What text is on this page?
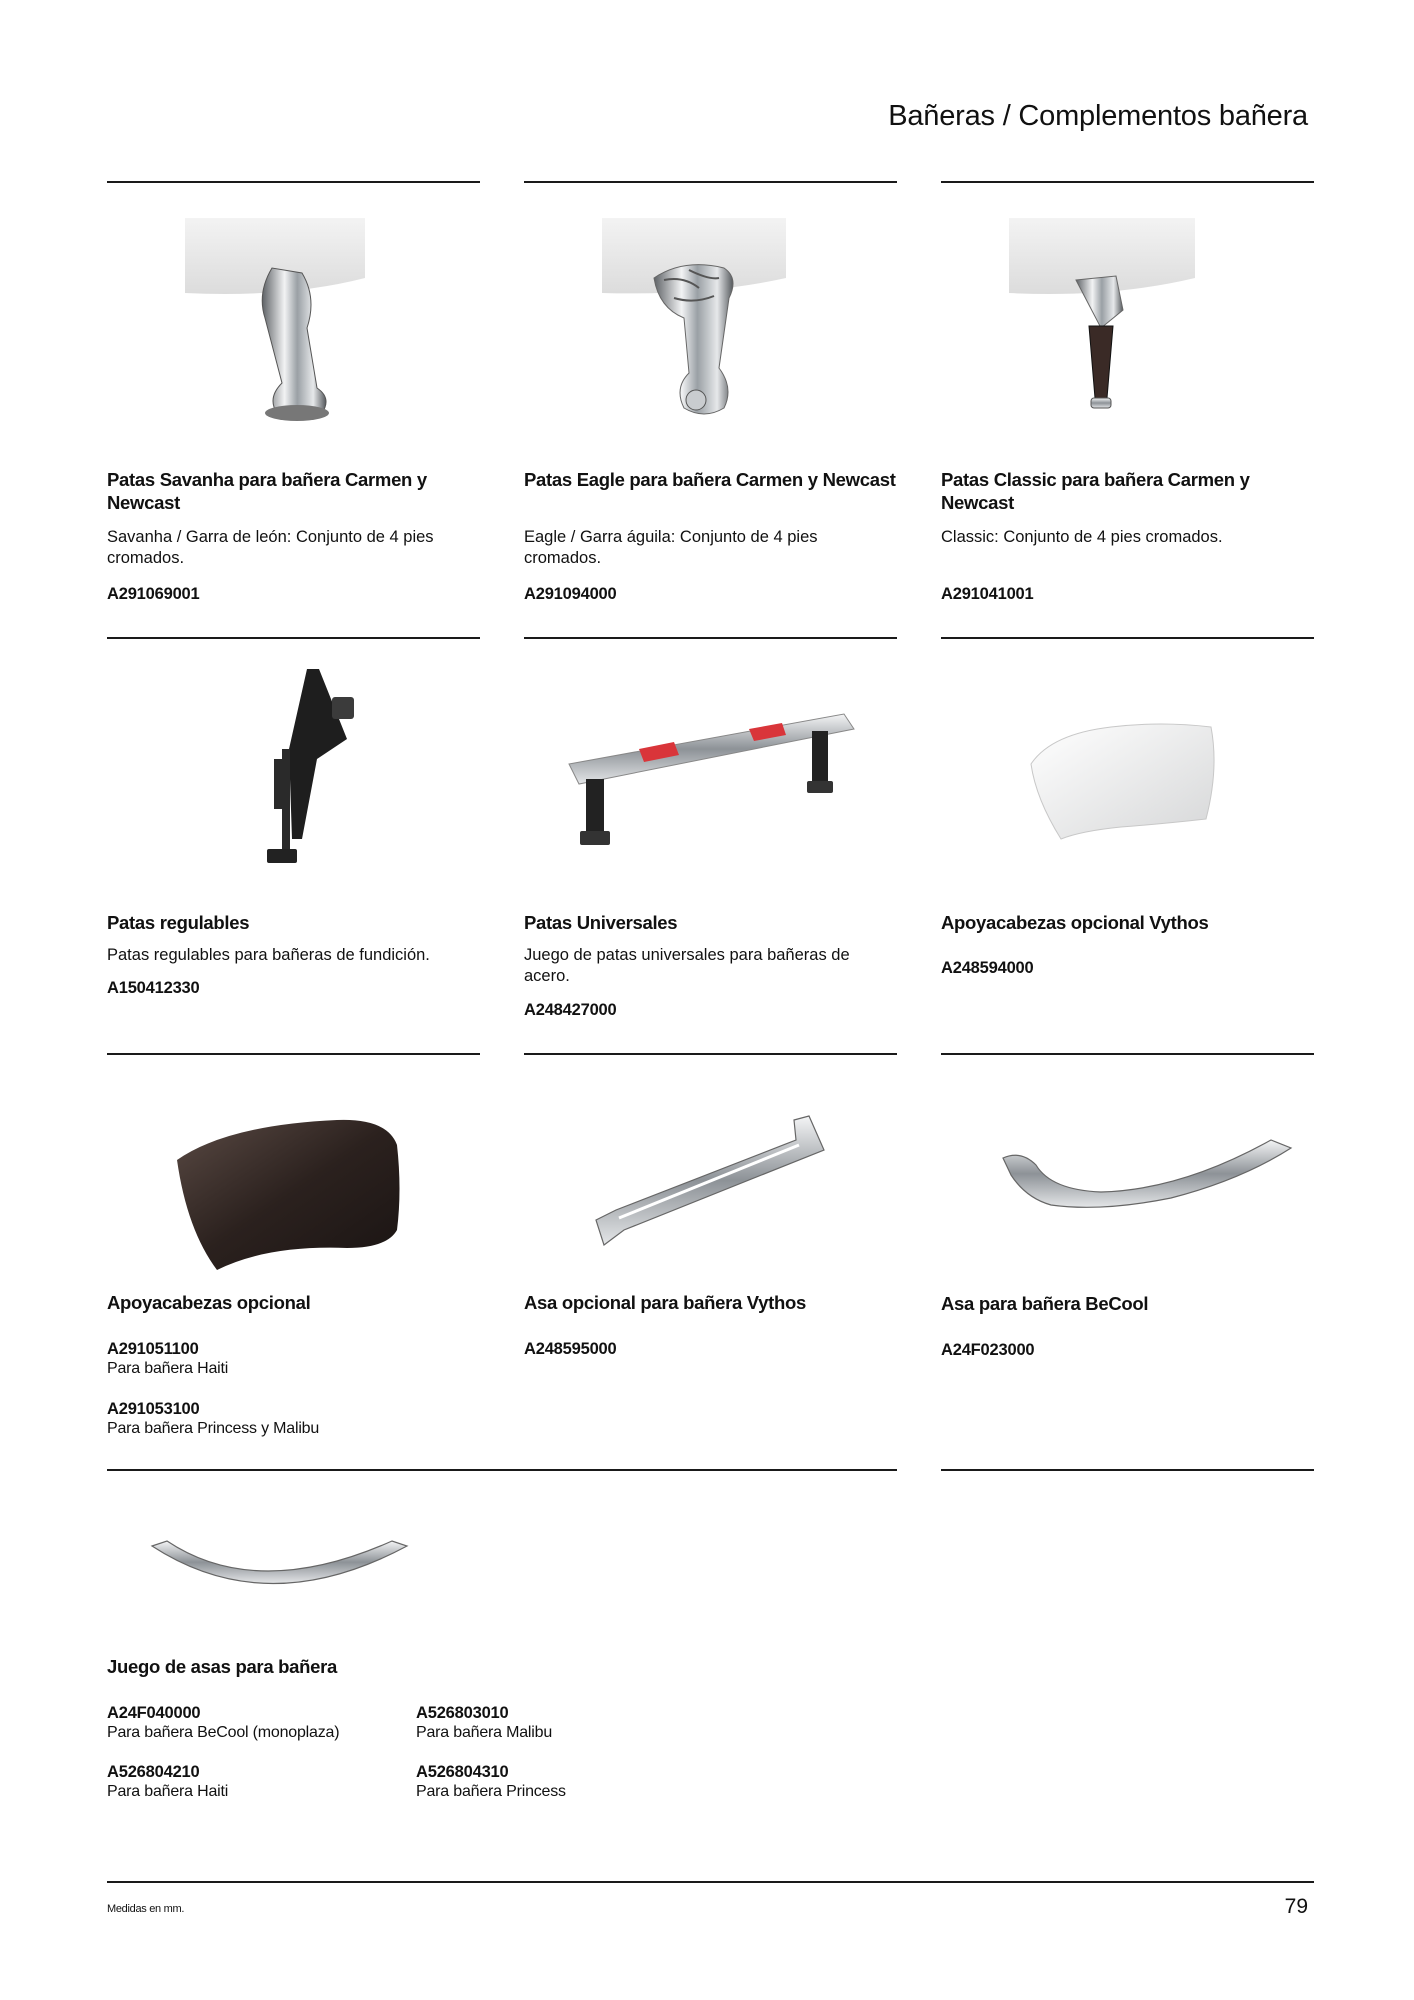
Bañeras / Complementos bañera
Patas Savanha para bañera Carmen y Newcast
Savanha / Garra de león: Conjunto de 4 pies cromados.
A291069001
Patas Eagle para bañera Carmen y Newcast
Eagle / Garra águila: Conjunto de 4 pies cromados.
A291094000
Patas Classic para bañera Carmen y Newcast
Classic: Conjunto de 4 pies cromados.
A291041001
Patas regulables
Patas regulables para bañeras de fundición.
A150412330
Patas Universales
Juego de patas universales para bañeras de acero.
A248427000
Apoyacabezas opcional Vythos
A248594000
Apoyacabezas opcional
A291051100
Para bañera Haiti
A291053100
Para bañera Princess y Malibu
Asa opcional para bañera Vythos
A248595000
Asa para bañera BeCool
A24F023000
Juego de asas para bañera
A24F040000
Para bañera BeCool (monoplaza)
A526803010
Para bañera Malibu
A526804210
Para bañera Haiti
A526804310
Para bañera Princess
Medidas en mm.	79
